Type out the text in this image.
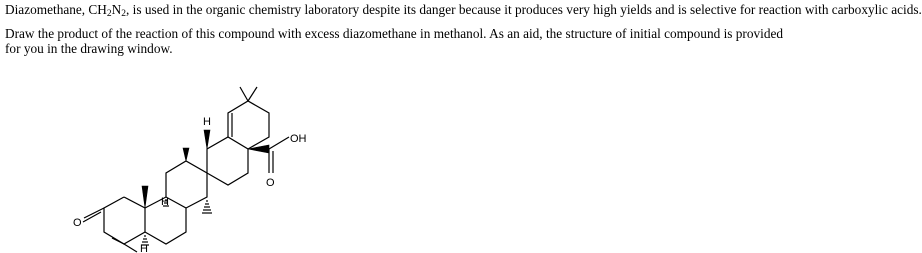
Diazomethane, $CH_2N_2$, is used in the organic chemistry laboratory despite its danger because it produces very high yields and is selective for reaction with carboxylic acids.
Draw the product of the reaction of this compound with excess diazomethane in methanol. As an aid, the structure of initial compound is provided for you in the drawing window.
O
H
H
H
OH
O
